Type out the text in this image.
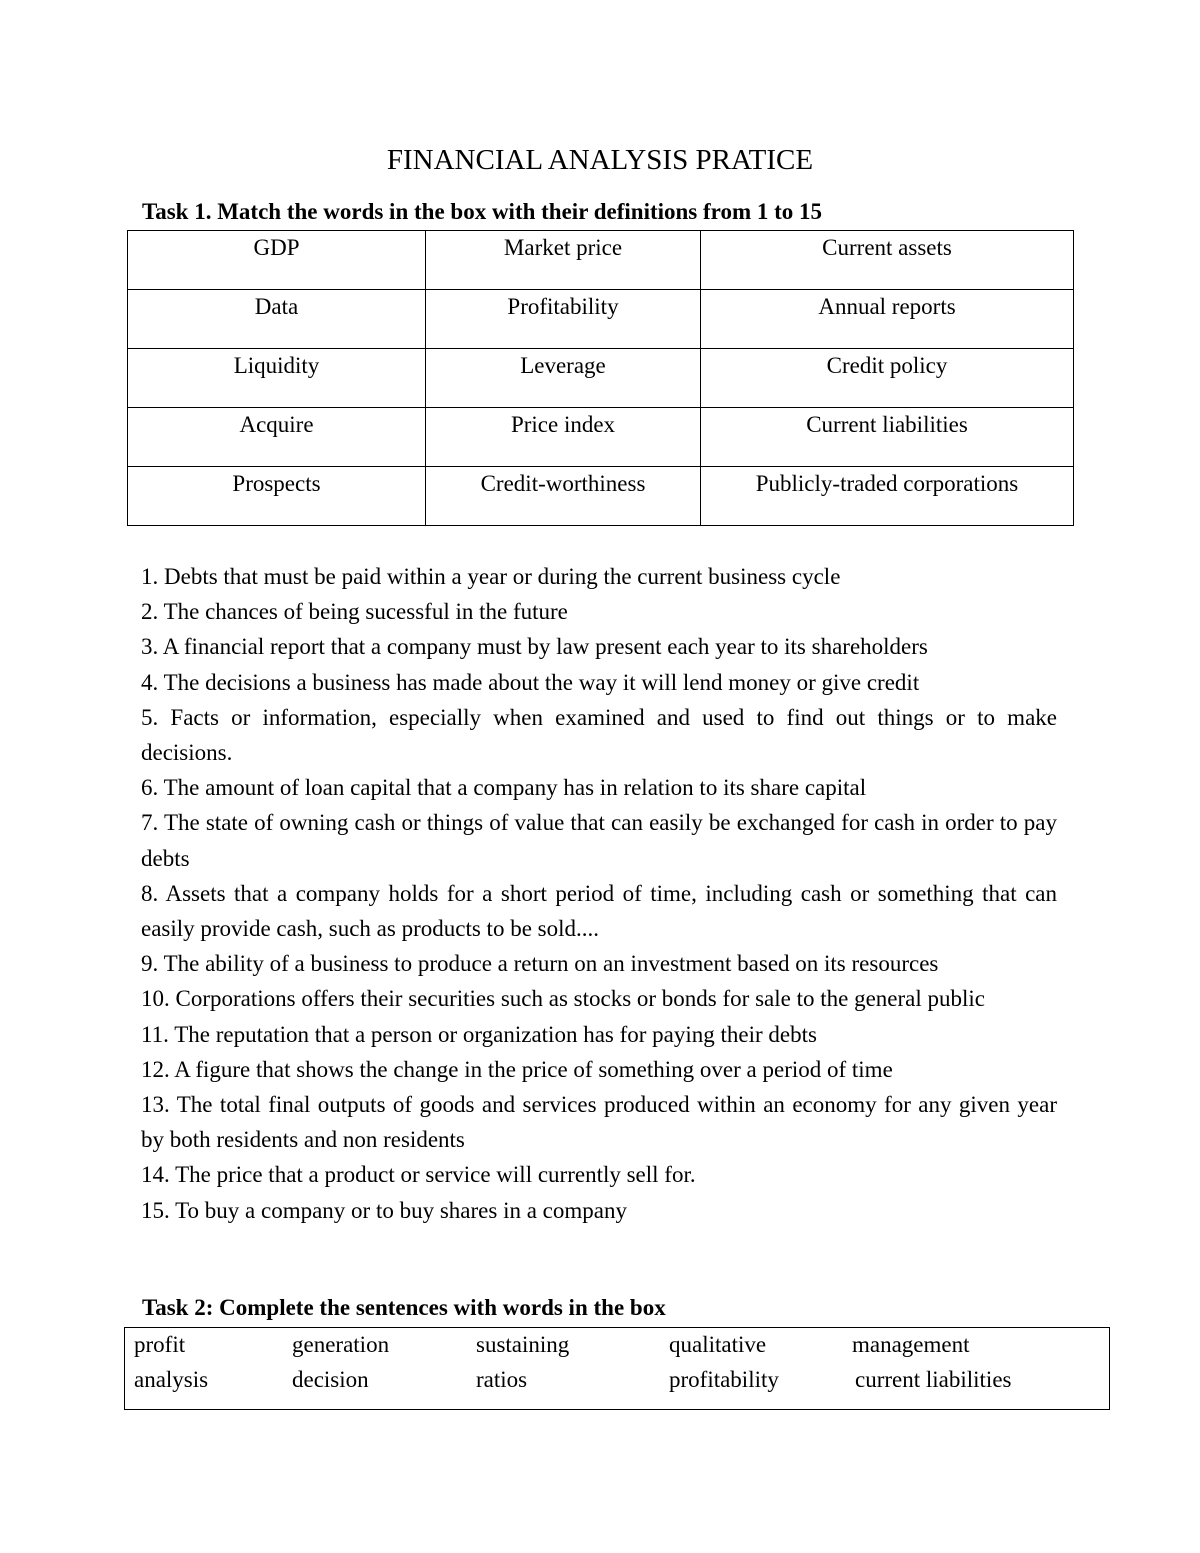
FINANCIAL ANALYSIS PRATICE
Task 1. Match the words in the box with their definitions from 1 to 15
GDP	Market price	Current assets
Data	Profitability	Annual reports
Liquidity	Leverage	Credit policy
Acquire	Price index	Current liabilities
Prospects	Credit-worthiness	Publicly-traded corporations
1. Debts that must be paid within a year or during the current business cycle
2. The chances of being sucessful in the future
3. A financial report that a company must by law present each year to its shareholders
4. The decisions a business has made about the way it will lend money or give credit
5. Facts or information, especially when examined and used to find out things or to make decisions.
6. The amount of loan capital that a company has in relation to its share capital
7. The state of owning cash or things of value that can easily be exchanged for cash in order to pay debts
8. Assets that a company holds for a short period of time, including cash or something that can easily provide cash, such as products to be sold....
9. The ability of a business to produce a return on an investment based on its resources
10. Corporations offers their securities such as stocks or bonds for sale to the general public
11. The reputation that a person or organization has for paying their debts
12. A figure that shows the change in the price of something over a period of time
13. The total final outputs of goods and services produced within an economy for any given year by both residents and non residents
14. The price that a product or service will currently sell for.
15. To buy a company or to buy shares in a company
Task 2: Complete the sentences with words in the box
profit	generation	sustaining	qualitative	management
analysis	decision	ratios	profitability	current liabilities
